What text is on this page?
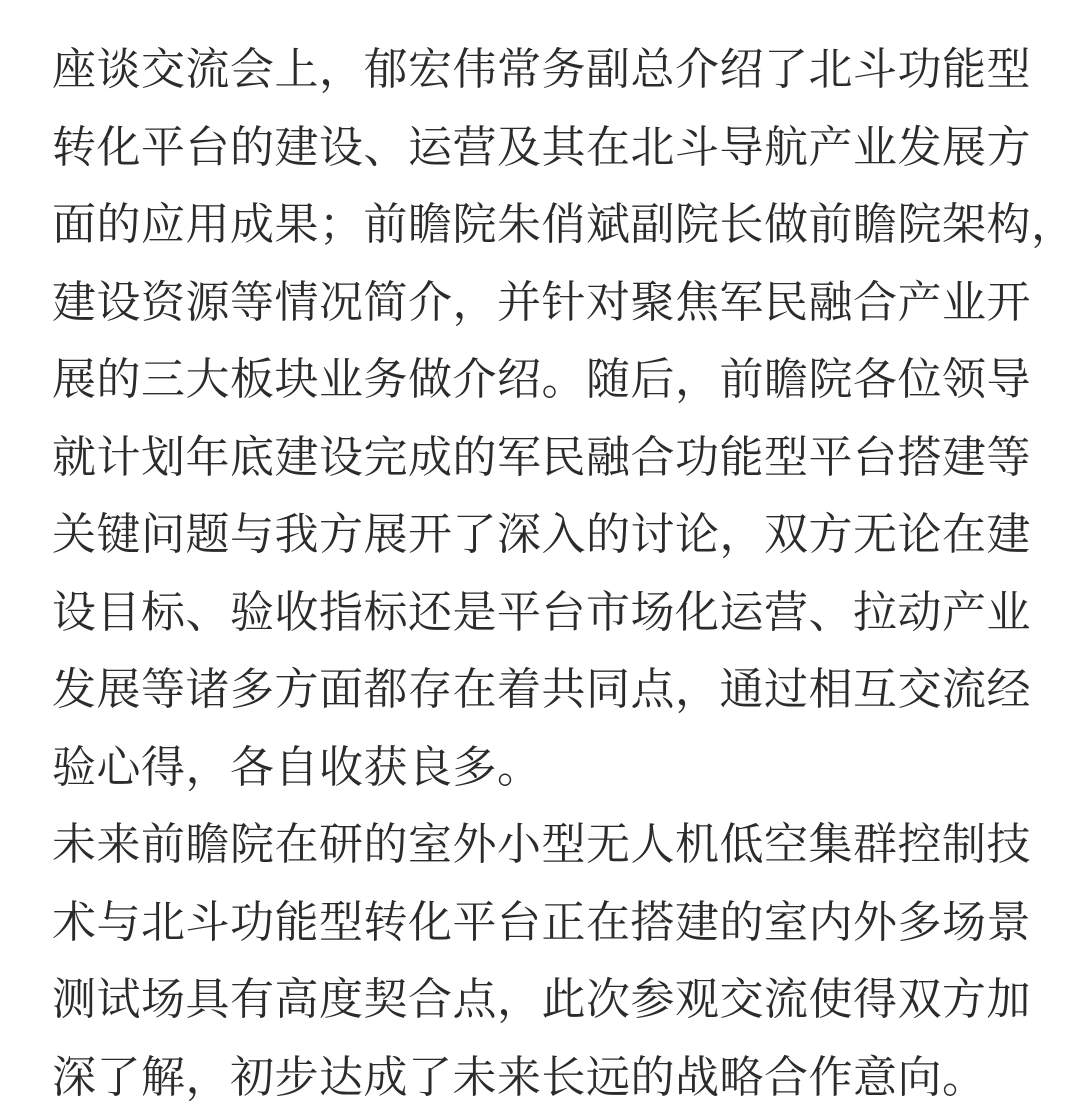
座谈交流会上，郁宏伟常务副总介绍了北斗功能型
转化平台的建设、运营及其在北斗导航产业发展方
面的应用成果；前瞻院朱俏斌副院长做前瞻院架构，
建设资源等情况简介，并针对聚焦军民融合产业开
展的三大板块业务做介绍。随后，前瞻院各位领导
就计划年底建设完成的军民融合功能型平台搭建等
关键问题与我方展开了深入的讨论，双方无论在建
设目标、验收指标还是平台市场化运营、拉动产业
发展等诸多方面都存在着共同点，通过相互交流经
验心得，各自收获良多。
未来前瞻院在研的室外小型无人机低空集群控制技
术与北斗功能型转化平台正在搭建的室内外多场景
测试场具有高度契合点，此次参观交流使得双方加
深了解，初步达成了未来长远的战略合作意向。
